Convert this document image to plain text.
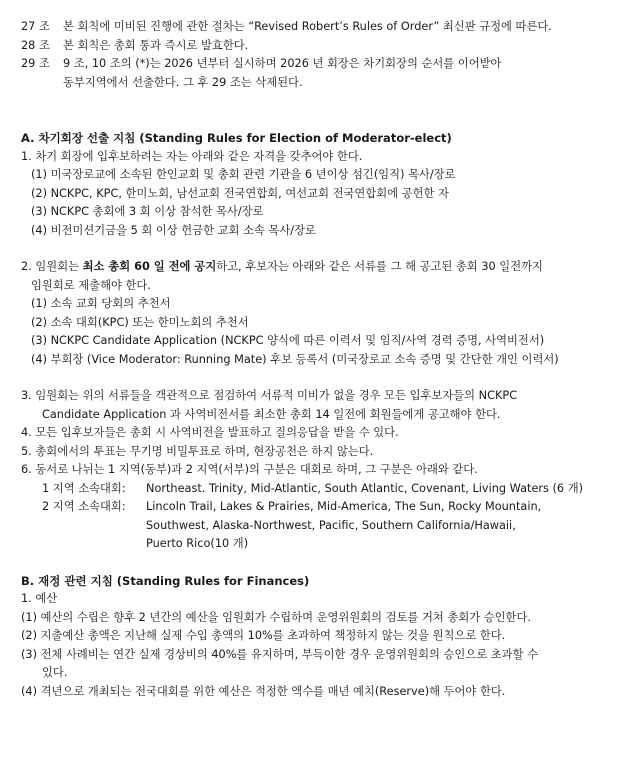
27 조	본 회칙에 미비된 진행에 관한 절차는 “Revised Robert’s Rules of Order” 최신판 규정에 따른다.
28 조	본 회칙은 총회 통과 즉시로 발효한다.
29 조	9 조, 10 조의 (*)는 2026 년부터 실시하며 2026 년 회장은 차기회장의 순서를 이어받아
동부지역에서 선출한다. 그 후 29 조는 삭제된다.
A. 차기회장 선출 지침 (Standing Rules for Election of Moderator-elect)
1. 차기 회장에 입후보하려는 자는 아래와 같은 자격을 갖추어야 한다.
(1) 미국장로교에 소속된 한인교회 및 총회 관련 기관을 6 년이상 섬긴(임직) 목사/장로
(2) NCKPC, KPC, 한미노회, 남선교회 전국연합회, 여선교회 전국연합회에 공헌한 자
(3) NCKPC 총회에 3 회 이상 참석한 목사/장로
(4) 비전미션기금을 5 회 이상 헌금한 교회 소속 목사/장로
2. 임원회는 최소 총회 60 일 전에 공지하고, 후보자는 아래와 같은 서류를 그 해 공고된 총회 30 일전까지
임원회로 제출해야 한다.
(1) 소속 교회 당회의 추천서
(2) 소속 대회(KPC) 또는 한미노회의 추천서
(3) NCKPC Candidate Application (NCKPC 양식에 따른 이력서 및 임직/사역 경력 증명, 사역비전서)
(4) 부회장 (Vice Moderator: Running Mate) 후보 등록서 (미국장로교 소속 증명 및 간단한 개인 이력서)
3. 임원회는 위의 서류들을 객관적으로 점검하여 서류적 미비가 없을 경우 모든 입후보자들의 NCKPC
Candidate Application 과 사역비전서를 최소한 총회 14 일전에 회원들에게 공고해야 한다.
4. 모든 입후보자들은 총회 시 사역비전을 발표하고 질의응답을 받을 수 있다.
5. 총회에서의 투표는 무기명 비밀투표로 하며, 현장공천은 하지 않는다.
6. 동서로 나뉘는 1 지역(동부)과 2 지역(서부)의 구분은 대회로 하며, 그 구분은 아래와 같다.
1 지역 소속대회:	Northeast. Trinity, Mid-Atlantic, South Atlantic, Covenant, Living Waters (6 개)
2 지역 소속대회:	Lincoln Trail, Lakes & Prairies, Mid-America, The Sun, Rocky Mountain,
Southwest, Alaska-Northwest, Pacific, Southern California/Hawaii,
Puerto Rico(10 개)
B. 재정 관련 지침 (Standing Rules for Finances)
1. 예산
(1) 예산의 수립은 향후 2 년간의 예산을 임원회가 수립하며 운영위원회의 검토를 거쳐 총회가 승인한다.
(2) 지출예산 총액은 지난해 실제 수입 총액의 10%를 초과하여 책정하지 않는 것을 원칙으로 한다.
(3) 전체 사례비는 연간 실제 경상비의 40%를 유지하며, 부득이한 경우 운영위원회의 승인으로 초과할 수
있다.
(4) 격년으로 개최되는 전국대회를 위한 예산은 적정한 액수를 매년 예치(Reserve)해 두어야 한다.
